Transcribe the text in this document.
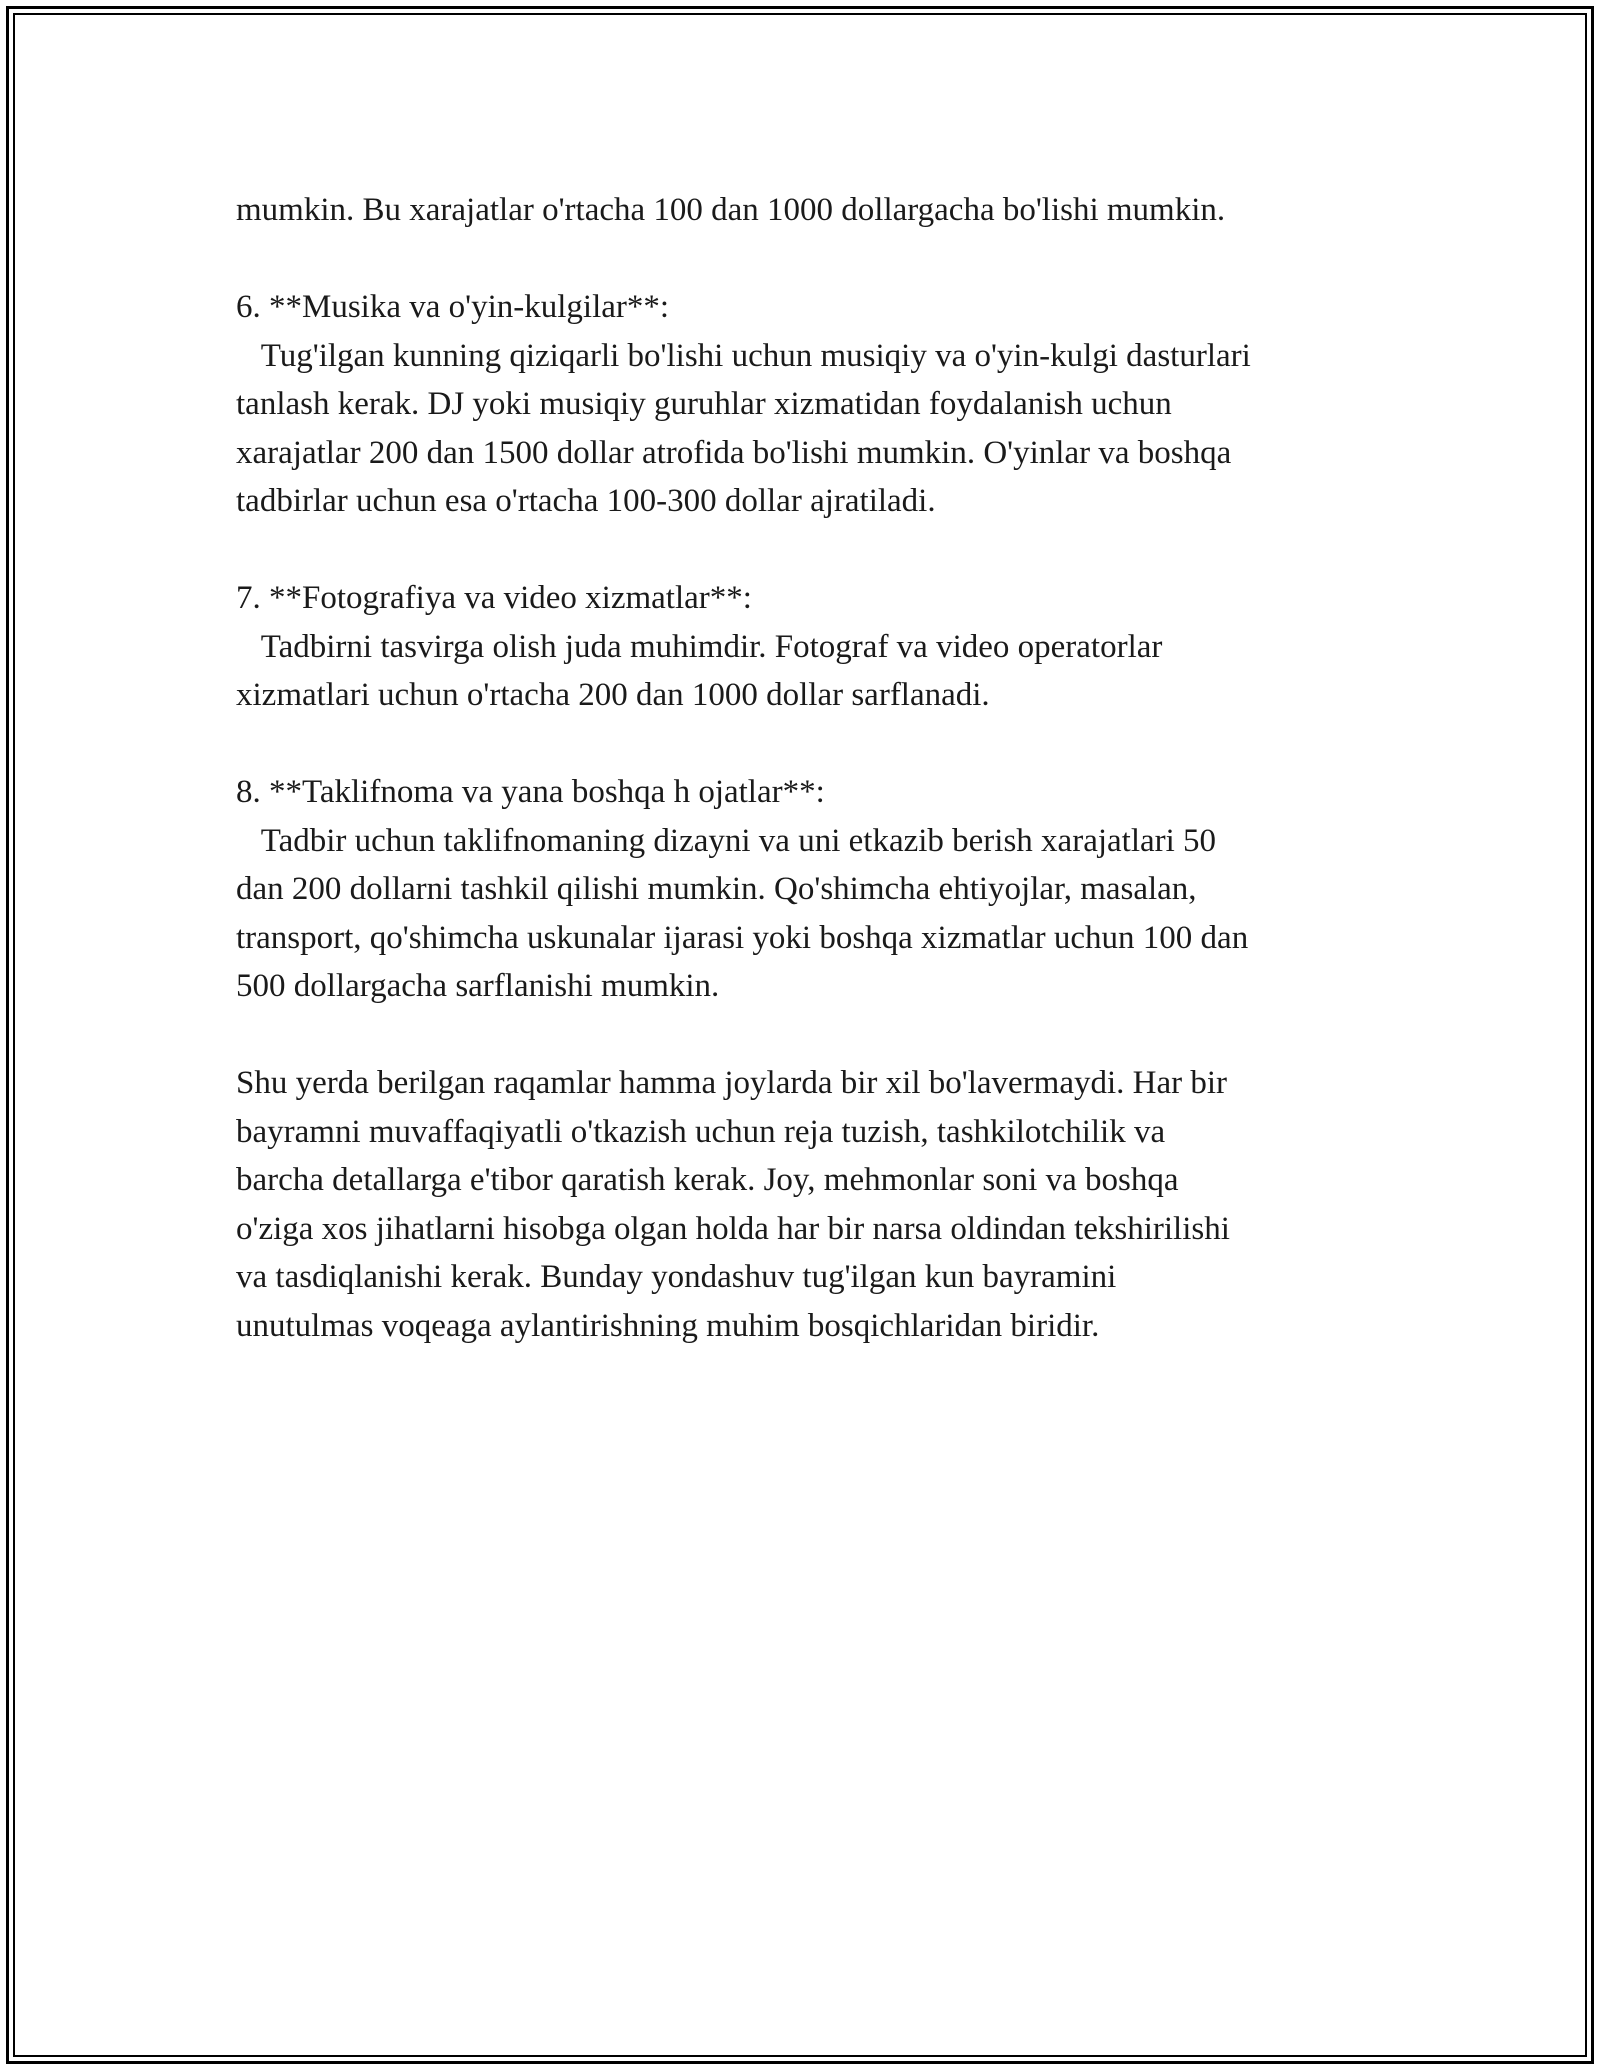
mumkin. Bu xarajatlar o'rtacha 100 dan 1000 dollargacha bo'lishi mumkin.

6. **Musika va o'yin-kulgilar**:

Tug'ilgan kunning qiziqarli bo'lishi uchun musiqiy va o'yin-kulgi dasturlari

tanlash kerak. DJ yoki musiqiy guruhlar xizmatidan foydalanish uchun

xarajatlar 200 dan 1500 dollar atrofida bo'lishi mumkin. O'yinlar va boshqa

tadbirlar uchun esa o'rtacha 100-300 dollar ajratiladi.

7. **Fotografiya va video xizmatlar**:

Tadbirni tasvirga olish juda muhimdir. Fotograf va video operatorlar

xizmatlari uchun o'rtacha 200 dan 1000 dollar sarflanadi.

8. **Taklifnoma va yana boshqa h ojatlar**:

Tadbir uchun taklifnomaning dizayni va uni etkazib berish xarajatlari 50

dan 200 dollarni tashkil qilishi mumkin. Qo'shimcha ehtiyojlar, masalan,

transport, qo'shimcha uskunalar ijarasi yoki boshqa xizmatlar uchun 100 dan

500 dollargacha sarflanishi mumkin.

Shu yerda berilgan raqamlar hamma joylarda bir xil bo'lavermaydi. Har bir

bayramni muvaffaqiyatli o'tkazish uchun reja tuzish, tashkilotchilik va

barcha detallarga e'tibor qaratish kerak. Joy, mehmonlar soni va boshqa

o'ziga xos jihatlarni hisobga olgan holda har bir narsa oldindan tekshirilishi

va tasdiqlanishi kerak. Bunday yondashuv tug'ilgan kun bayramini

unutulmas voqeaga aylantirishning muhim bosqichlaridan biridir.
